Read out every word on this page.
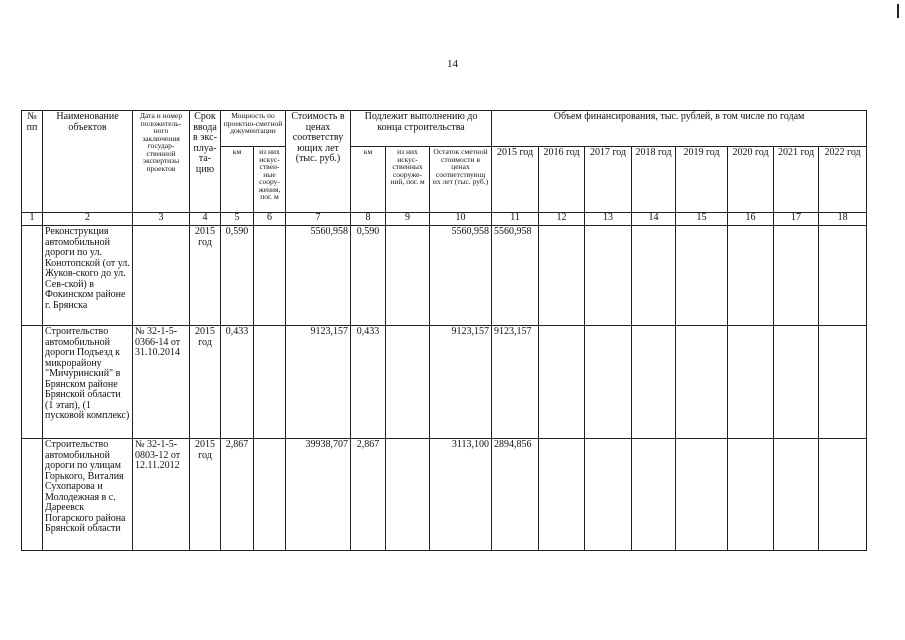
14
№ пп	Наименование объектов	Дата и номер положитель-ного заключения государ-ственной экспертизы проектов	Срок ввода в экс-плуа-та-цию	Мощность по проектно-сметной документации		Стоимость в ценах соответству ющих лет (тыс. руб.)	Подлежит выполнению до конца строительства			Объем финансирования, тыс. рублей, в том числе по годам							
				км	из них искус-ствен-ные соору-жения, пог. м		км	из них искус-ственных сооруже-ний, пог. м	Остаток сметной стоимости в ценах соответствующ их лет (тыс. руб.)	2015 год	2016 год	2017 год	2018 год	2019 год	2020 год	2021 год	2022 год
1	2	3	4	5	6	7	8	9	10	11	12	13	14	15	16	17	18
	Реконструкция автомобильной дороги по ул. Конотопской (от ул. Жуков-ского до ул. Сев-ской) в Фокинском районе г. Брянска		2015 год	0,590		5560,958	0,590		5560,958	5560,958							
	Строительство автомобильной дороги Подъезд к микрорайону "Мичуринский" в Брянском районе Брянской области (1 этап), (1 пусковой комплекс)	№ 32-1-5-0366-14 от 31.10.2014	2015 год	0,433		9123,157	0,433		9123,157	9123,157							
	Строительство автомобильной дороги по улицам Горького, Виталия Сухопарова и Молодежная в с. Дареевск Погарского района Брянской области	№ 32-1-5-0803-12 от 12.11.2012	2015 год	2,867		39938,707	2,867		3113,100	2894,856							
